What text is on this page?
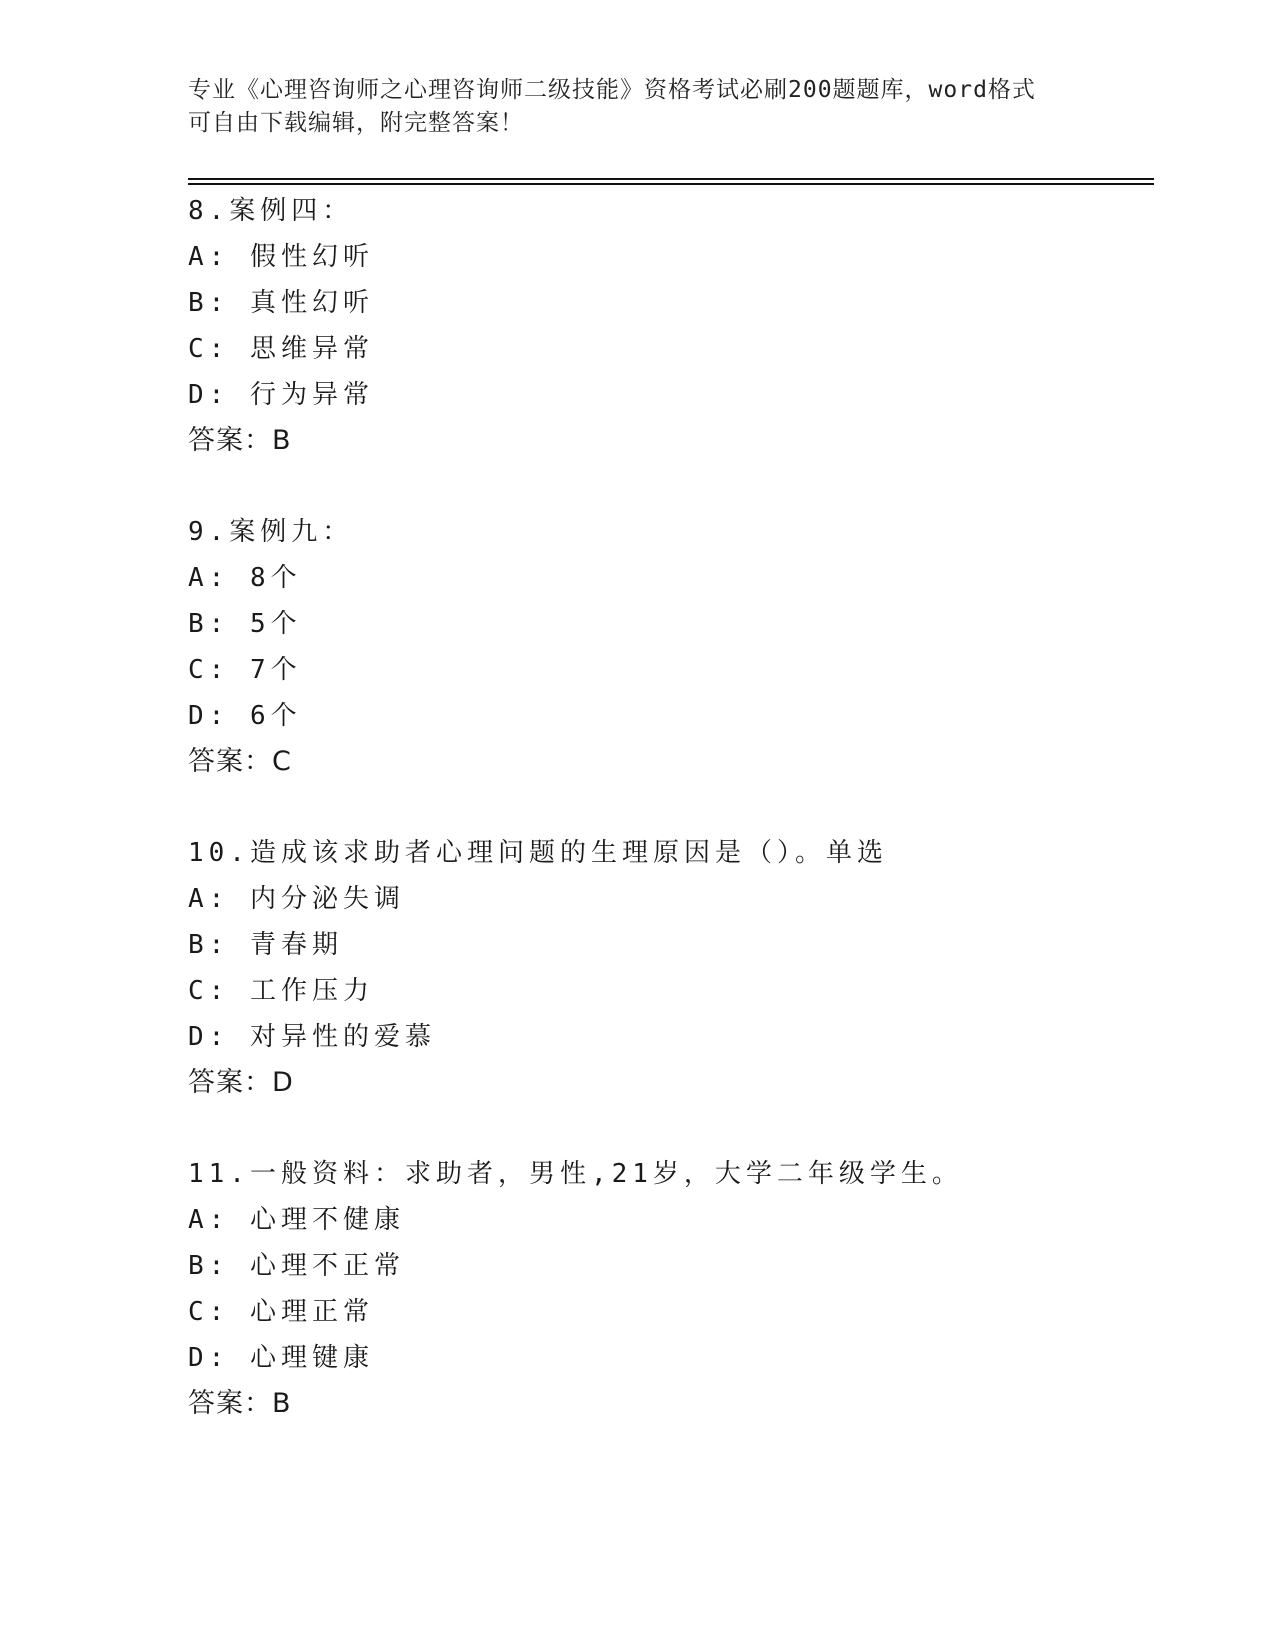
专业《心理咨询师之心理咨询师二级技能》资格考试必刷200题题库，word格式

可自由下载编辑，附完整答案！

8.案例四：
A: 假性幻听
B: 真性幻听
C: 思维异常
D: 行为异常
答案：B
9.案例九：
A: 8个
B: 5个
C: 7个
D: 6个
答案：C
10.造成该求助者心理问题的生理原因是（）。单选
A: 内分泌失调
B: 青春期
C: 工作压力
D: 对异性的爱慕
答案：D
11.一般资料：求助者，男性,21岁，大学二年级学生。
A: 心理不健康
B: 心理不正常
C: 心理正常
D: 心理键康
答案：B
